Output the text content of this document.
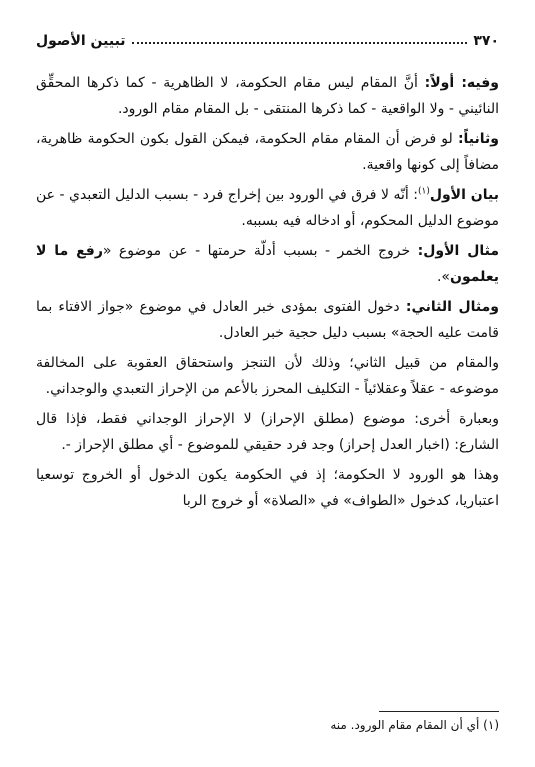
٣٧٠
تبيين الأصول

وفيه: أولاً: أنَّ المقام ليس مقام الحكومة، لا الظاهرية - كما ذكرها المحقِّق النائيني - ولا الواقعية - كما ذكرها المنتقى - بل المقام مقام الورود.

وثانياً: لو فرض أن المقام مقام الحكومة، فيمكن القول بكون الحكومة ظاهرية، مضافاً إلى كونها واقعية.

بيان الأول$^{(١)}$: أنّه لا فرق في الورود بين إخراج فرد - بسبب الدليل التعبدي - عن موضوع الدليل المحكوم، أو ادخاله فيه بسببه.

مثال الأول: خروج الخمر - بسبب أدلّة حرمتها - عن موضوع «رفع ما لا يعلمون».

ومثال الثاني: دخول الفتوى بمؤدى خبر العادل في موضوع «جواز الافتاء بما قامت عليه الحجة» بسبب دليل حجية خبر العادل.

والمقام من قبيل الثاني؛ وذلك لأن التنجز واستحقاق العقوبة على المخالفة موضوعه - عقلاً وعقلائياً - التكليف المحرز بالأعم من الإحراز التعبدي والوجداني.

وبعبارة أخرى: موضوع (مطلق الإحراز) لا الإحراز الوجداني فقط، فإذا قال الشارع: (اخبار العدل إحراز) وجد فرد حقيقي للموضوع - أي مطلق الإحراز -.

وهذا هو الورود لا الحكومة؛ إذ في الحكومة يكون الدخول أو الخروج توسعيا اعتباريا، كدخول «الطواف» في «الصلاة» أو خروج الربا

(١) أي أن المقام مقام الورود. منه
